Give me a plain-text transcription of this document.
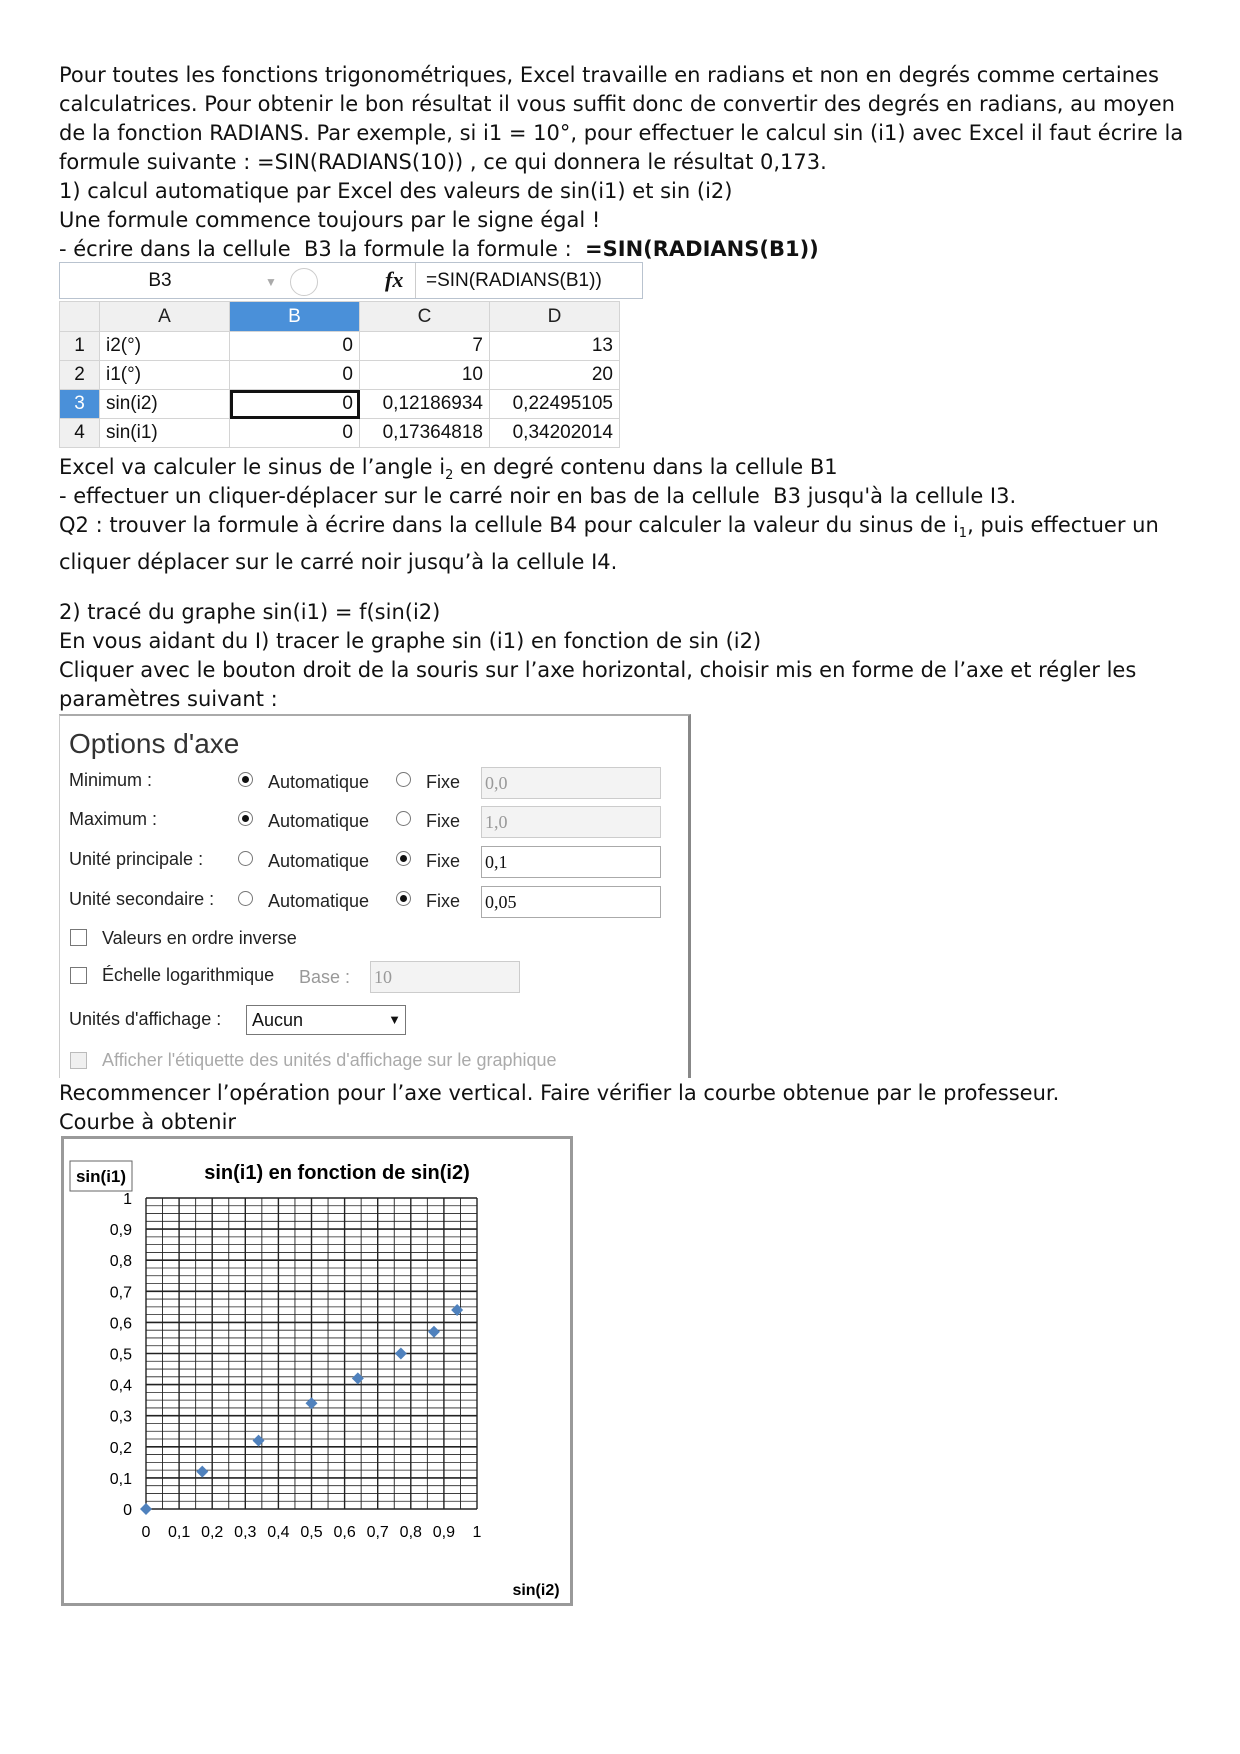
Pour toutes les fonctions trigonométriques, Excel travaille en radians et non en degrés comme certaines calculatrices. Pour obtenir le bon résultat il vous suffit donc de convertir des degrés en radians, au moyen de la fonction RADIANS. Par exemple, si i1 = 10°, pour effectuer le calcul sin (i1) avec Excel il faut écrire la formule suivante : =SIN(RADIANS(10)) , ce qui donnera le résultat 0,173.
1) calcul automatique par Excel des valeurs de sin(i1) et sin (i2)
Une formule commence toujours par le signe égal !
- écrire dans la cellule  B3 la formule la formule :  =SIN(RADIANS(B1))
B3	▼	fx	=SIN(RADIANS(B1))
	A	B	C	D
1	i2(°)	0	7	13
2	i1(°)	0	10	20
3	sin(i2)	0	0,12186934	0,22495105
4	sin(i1)	0	0,17364818	0,34202014
Excel va calculer le sinus de l’angle $i_2$ en degré contenu dans la cellule B1
- effectuer un cliquer-déplacer sur le carré noir en bas de la cellule  B3 jusqu'à la cellule I3.
Q2 : trouver la formule à écrire dans la cellule B4 pour calculer la valeur du sinus de $i_1$, puis effectuer un cliquer déplacer sur le carré noir jusqu’à la cellule I4.
2) tracé du graphe sin(i1) = f(sin(i2)
En vous aidant du I) tracer le graphe sin (i1) en fonction de sin (i2)
Cliquer avec le bouton droit de la souris sur l’axe horizontal, choisir mis en forme de l’axe et régler les paramètres suivant :
Options d'axe
Minimum :	Automatique	Fixe 0,0
Maximum :	Automatique	Fixe 1,0
Unité principale :	Automatique	Fixe 0,1
Unité secondaire :	Automatique	Fixe 0,05
Valeurs en ordre inverse
Échelle logarithmique Base : 10
Unités d'affichage :	Aucun	▼
Afficher l'étiquette des unités d'affichage sur le graphique
Recommencer l’opération pour l’axe vertical. Faire vérifier la courbe obtenue par le professeur.
Courbe à obtenir
sin(i1)	sin(i1) en fonction de sin(i2)
0
0,1
0,2
0,3
0,4
0,5
0,6
0,7
0,8
0,9
1
0 0,1 0,2 0,3 0,4 0,5 0,6 0,7 0,8 0,9 1
sin(i2)
